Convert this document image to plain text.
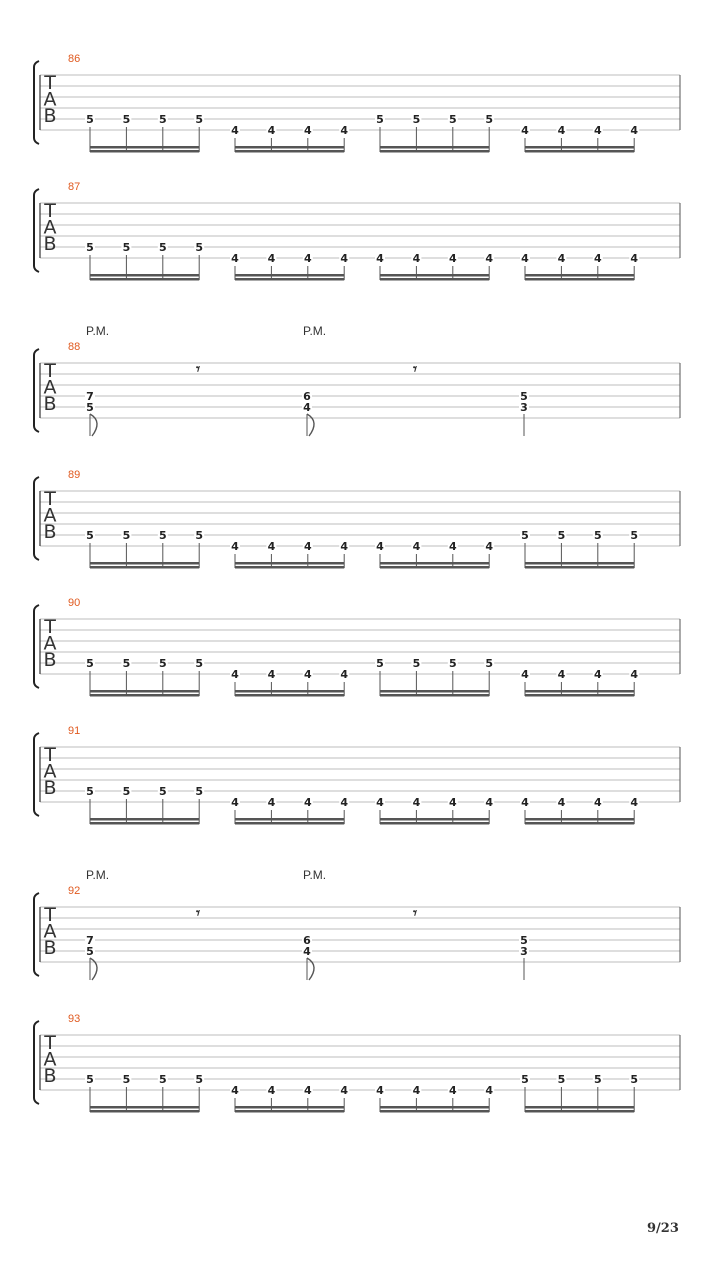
T
A
B
86
5	5	5	5
4	4	4	4
5	5	5	5
4	4	4	4
T
A
B
87
5	5	5	5
4	4	4	4	4	4	4	4	4	4	4	4
T
A
B
88
P.M.	P.M.
𝄾	𝄾
7
5
6
4
5
3
T
A
B
89
5	5	5	5
4	4	4	4	4	4	4	4
5	5	5	5
T
A
B
90
5	5	5	5
4	4	4	4
5	5	5	5
4	4	4	4
T
A
B
91
5	5	5	5
4	4	4	4	4	4	4	4	4	4	4	4
T
A
B
92
P.M.	P.M.
𝄾	𝄾
7
5
6
4
5
3
T
A
B
93
5	5	5	5
4	4	4	4	4	4	4	4
5	5	5	5
9/23
